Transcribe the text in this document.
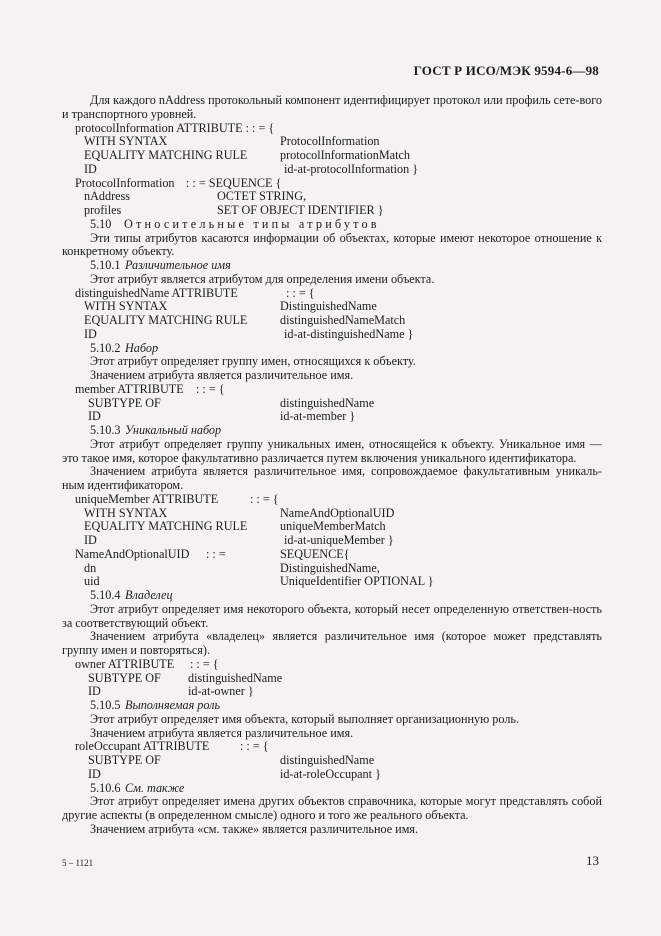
ГОСТ Р ИСО/МЭК 9594-6—98
Для каждого nAddress протокольный компонент идентифицирует протокол или профиль сете-вого и транспортного уровней.
protocolInformation ATTRIBUTE : : = {
WITH SYNTAX	ProtocolInformation
EQUALITY MATCHING RULE	protocolInformationMatch
ID	id-at-protocolInformation }
ProtocolInformation : : = SEQUENCE {
nAddress	OCTET STRING,
profiles	SET OF OBJECT IDENTIFIER }
5.10 Относительные типы атрибутов
Эти типы атрибутов касаются информации об объектах, которые имеют некоторое отношение к конкретному объекту.
5.10.1 Различительное имя
Этот атрибут является атрибутом для определения имени объекта.
distinguishedName ATTRIBUTE	: : = {
WITH SYNTAX	DistinguishedName
EQUALITY MATCHING RULE	distinguishedNameMatch
ID	id-at-distinguishedName }
5.10.2 Набор
Этот атрибут определяет группу имен, относящихся к объекту.
Значением атрибута является различительное имя.
member ATTRIBUTE : : = {
SUBTYPE OF	distinguishedName
ID	id-at-member }
5.10.3 Уникальный набор
Этот атрибут определяет группу уникальных имен, относящейся к объекту. Уникальное имя — это такое имя, которое факультативно различается путем включения уникального идентификатора.
Значением атрибута является различительное имя, сопровождаемое факультативным уникаль-ным идентификатором.
uniqueMember ATTRIBUTE	: : = {
WITH SYNTAX	NameAndOptionalUID
EQUALITY MATCHING RULE	uniqueMemberMatch
ID	id-at-uniqueMember }
NameAndOptionalUID : : =	SEQUENCE{
dn	DistinguishedName,
uid	UniqueIdentifier OPTIONAL }
5.10.4 Владелец
Этот атрибут определяет имя некоторого объекта, который несет определенную ответствен-ность за соответствующий объект.
Значением атрибута «владелец» является различительное имя (которое может представлять группу имен и повторяться).
owner ATTRIBUTE : : = {
SUBTYPE OF distinguishedName
ID	id-at-owner }
5.10.5 Выполняемая роль
Этот атрибут определяет имя объекта, который выполняет организационную роль.
Значением атрибута является различительное имя.
roleOccupant ATTRIBUTE	: : = {
SUBTYPE OF	distinguishedName
ID	id-at-roleOccupant }
5.10.6 См. также
Этот атрибут определяет имена других объектов справочника, которые могут представлять собой другие аспекты (в определенном смысле) одного и того же реального объекта.
Значением атрибута «см. также» является различительное имя.
5 – 1121	13
